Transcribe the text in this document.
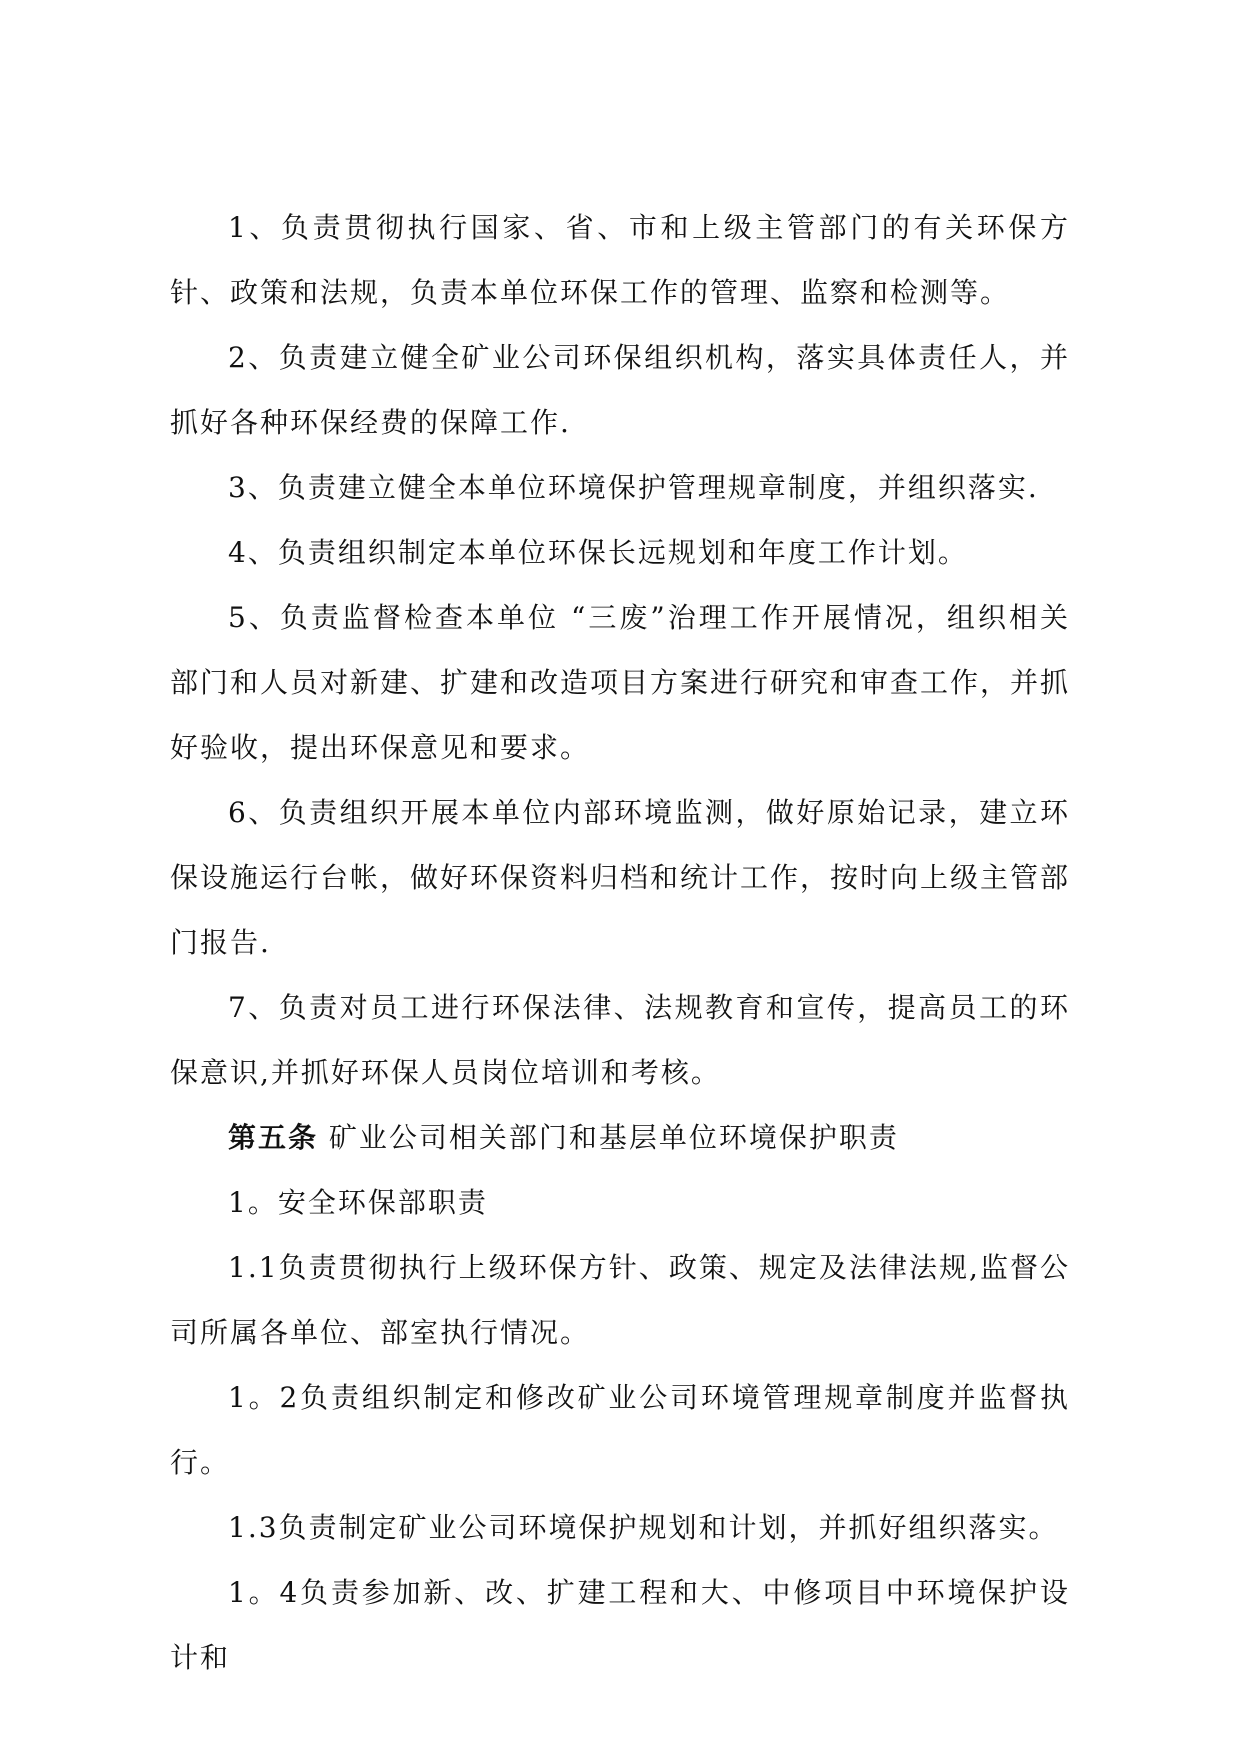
1、负责贯彻执行国家、省、市和上级主管部门的有关环保方针、政策和法规，负责本单位环保工作的管理、监察和检测等。

2、负责建立健全矿业公司环保组织机构，落实具体责任人，并抓好各种环保经费的保障工作.

3、负责建立健全本单位环境保护管理规章制度，并组织落实.

4、负责组织制定本单位环保长远规划和年度工作计划。

5、负责监督检查本单位 “三废”治理工作开展情况，组织相关部门和人员对新建、扩建和改造项目方案进行研究和审查工作，并抓好验收，提出环保意见和要求。

6、负责组织开展本单位内部环境监测，做好原始记录，建立环保设施运行台帐，做好环保资料归档和统计工作，按时向上级主管部门报告.

7、负责对员工进行环保法律、法规教育和宣传，提高员工的环保意识,并抓好环保人员岗位培训和考核。

第五条 矿业公司相关部门和基层单位环境保护职责

1。安全环保部职责

1.1负责贯彻执行上级环保方针、政策、规定及法律法规,监督公司所属各单位、部室执行情况。

1。2负责组织制定和修改矿业公司环境管理规章制度并监督执行。

1.3负责制定矿业公司环境保护规划和计划，并抓好组织落实。

1。4负责参加新、改、扩建工程和大、中修项目中环境保护设计和
